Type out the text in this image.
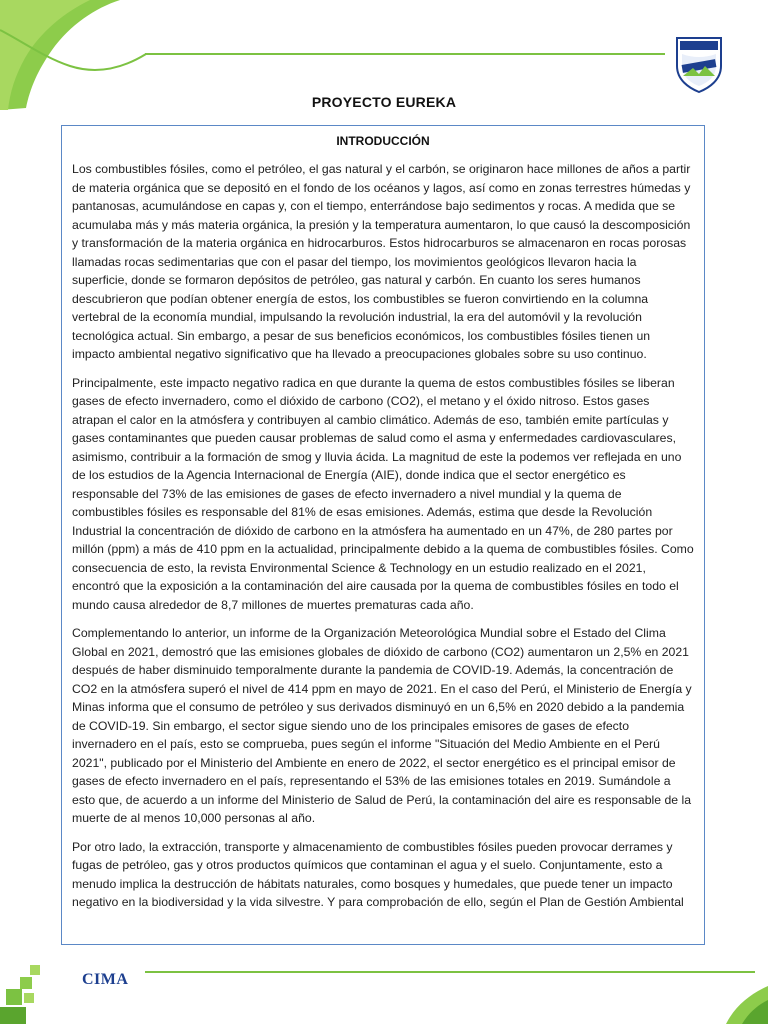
PROYECTO EUREKA
INTRODUCCIÓN

Los combustibles fósiles, como el petróleo, el gas natural y el carbón, se originaron hace millones de años a partir de materia orgánica que se depositó en el fondo de los océanos y lagos, así como en zonas terrestres húmedas y pantanosas, acumulándose en capas y, con el tiempo, enterrándose bajo sedimentos y rocas. A medida que se acumulaba más y más materia orgánica, la presión y la temperatura aumentaron, lo que causó la descomposición y transformación de la materia orgánica en hidrocarburos. Estos hidrocarburos se almacenaron en rocas porosas llamadas rocas sedimentarias que con el pasar del tiempo, los movimientos geológicos llevaron hacia la superficie, donde se formaron depósitos de petróleo, gas natural y carbón. En cuanto los seres humanos descubrieron que podían obtener energía de estos, los combustibles se fueron convirtiendo en la columna vertebral de la economía mundial, impulsando la revolución industrial, la era del automóvil y la revolución tecnológica actual. Sin embargo, a pesar de sus beneficios económicos, los combustibles fósiles tienen un impacto ambiental negativo significativo que ha llevado a preocupaciones globales sobre su uso continuo.

Principalmente, este impacto negativo radica en que durante la quema de estos combustibles fósiles se liberan gases de efecto invernadero, como el dióxido de carbono (CO2), el metano y el óxido nitroso. Estos gases atrapan el calor en la atmósfera y contribuyen al cambio climático. Además de eso, también emite partículas y gases contaminantes que pueden causar problemas de salud como el asma y enfermedades cardiovasculares, asimismo, contribuir a la formación de smog y lluvia ácida. La magnitud de este la podemos ver reflejada en uno de los estudios de la Agencia Internacional de Energía (AIE), donde indica que el sector energético es responsable del 73% de las emisiones de gases de efecto invernadero a nivel mundial y la quema de combustibles fósiles es responsable del 81% de esas emisiones. Además, estima que desde la Revolución Industrial la concentración de dióxido de carbono en la atmósfera ha aumentado en un 47%, de 280 partes por millón (ppm) a más de 410 ppm en la actualidad, principalmente debido a la quema de combustibles fósiles. Como consecuencia de esto, la revista Environmental Science & Technology en un estudio realizado en el 2021, encontró que la exposición a la contaminación del aire causada por la quema de combustibles fósiles en todo el mundo causa alrededor de 8,7 millones de muertes prematuras cada año.

Complementando lo anterior, un informe de la Organización Meteorológica Mundial sobre el Estado del Clima Global en 2021, demostró que las emisiones globales de dióxido de carbono (CO2) aumentaron un 2,5% en 2021 después de haber disminuido temporalmente durante la pandemia de COVID-19. Además, la concentración de CO2 en la atmósfera superó el nivel de 414 ppm en mayo de 2021. En el caso del Perú, el Ministerio de Energía y Minas informa que el consumo de petróleo y sus derivados disminuyó en un 6,5% en 2020 debido a la pandemia de COVID-19. Sin embargo, el sector sigue siendo uno de los principales emisores de gases de efecto invernadero en el país, esto se comprueba, pues según el informe "Situación del Medio Ambiente en el Perú 2021", publicado por el Ministerio del Ambiente en enero de 2022, el sector energético es el principal emisor de gases de efecto invernadero en el país, representando el 53% de las emisiones totales en 2019. Sumándole a esto que, de acuerdo a un informe del Ministerio de Salud de Perú, la contaminación del aire es responsable de la muerte de al menos 10,000 personas al año.

Por otro lado, la extracción, transporte y almacenamiento de combustibles fósiles pueden provocar derrames y fugas de petróleo, gas y otros productos químicos que contaminan el agua y el suelo. Conjuntamente, esto a menudo implica la destrucción de hábitats naturales, como bosques y humedales, que puede tener un impacto negativo en la biodiversidad y la vida silvestre. Y para comprobación de ello, según el Plan de Gestión Ambiental

CIMA
